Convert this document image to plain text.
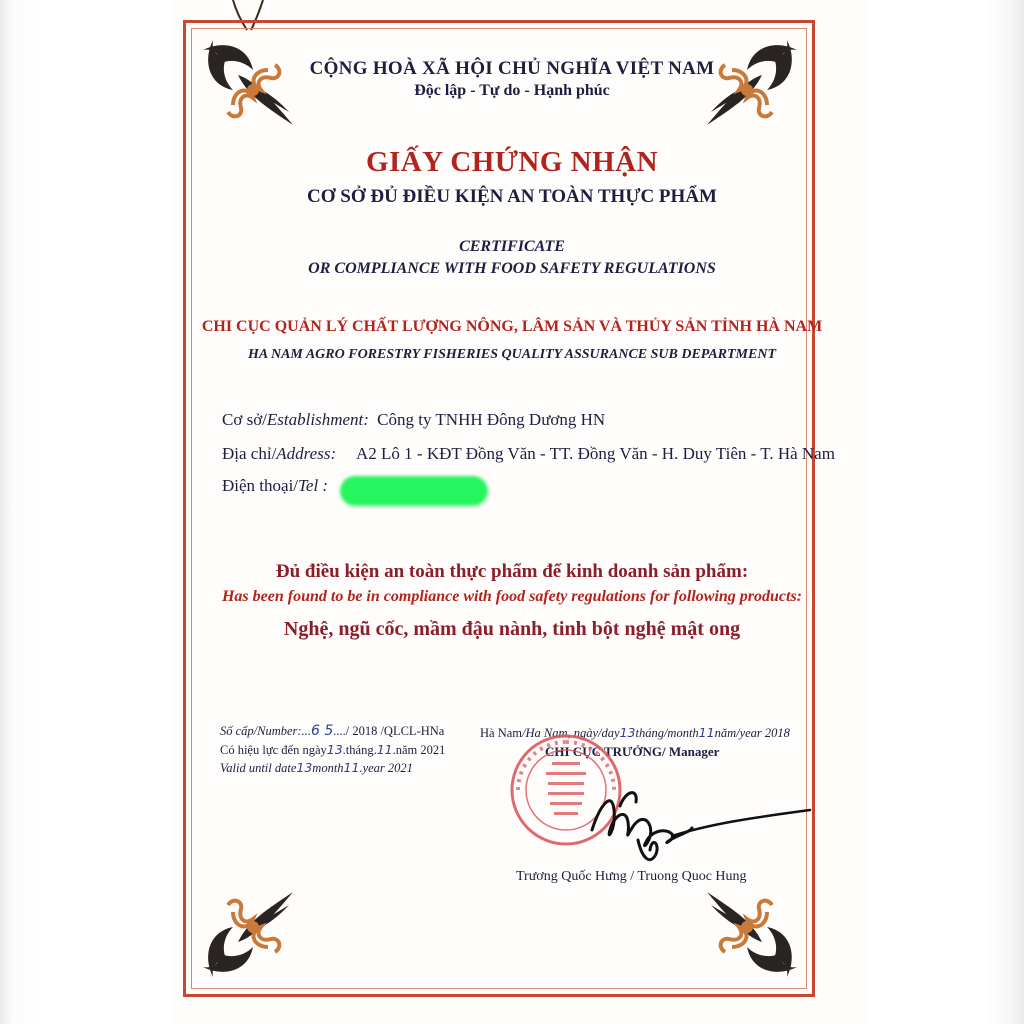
CỘNG HOÀ XÃ HỘI CHỦ NGHĨA VIỆT NAM
Độc lập - Tự do - Hạnh phúc
GIẤY CHỨNG NHẬN
CƠ SỞ ĐỦ ĐIỀU KIỆN AN TOÀN THỰC PHẨM
CERTIFICATE
OR COMPLIANCE WITH FOOD SAFETY REGULATIONS
CHI CỤC QUẢN LÝ CHẤT LƯỢNG NÔNG, LÂM SẢN VÀ THỦY SẢN TỈNH HÀ NAM
HA NAM AGRO FORESTRY FISHERIES QUALITY ASSURANCE SUB DEPARTMENT
Cơ sở/Establishment: Công ty TNHH Đông Dương HN
Địa chỉ/Address: A2 Lô 1 - KĐT Đồng Văn - TT. Đồng Văn - H. Duy Tiên - T. Hà Nam
Điện thoại/Tel :
Đủ điều kiện an toàn thực phẩm để kinh doanh sản phẩm:
Has been found to be in compliance with food safety regulations for following products:
Nghệ, ngũ cốc, mầm đậu nành, tinh bột nghệ mật ong
Số cấp/Number:...6 5..../ 2018 /QLCL-HNa
Có hiệu lực đến ngày13.tháng.11.năm 2021
Valid until date13month11.year 2021
Hà Nam/Ha Nam, ngày/day13tháng/month11năm/year 2018
CHI CỤC TRƯỞNG/ Manager
Trương Quốc Hưng / Truong Quoc Hung
